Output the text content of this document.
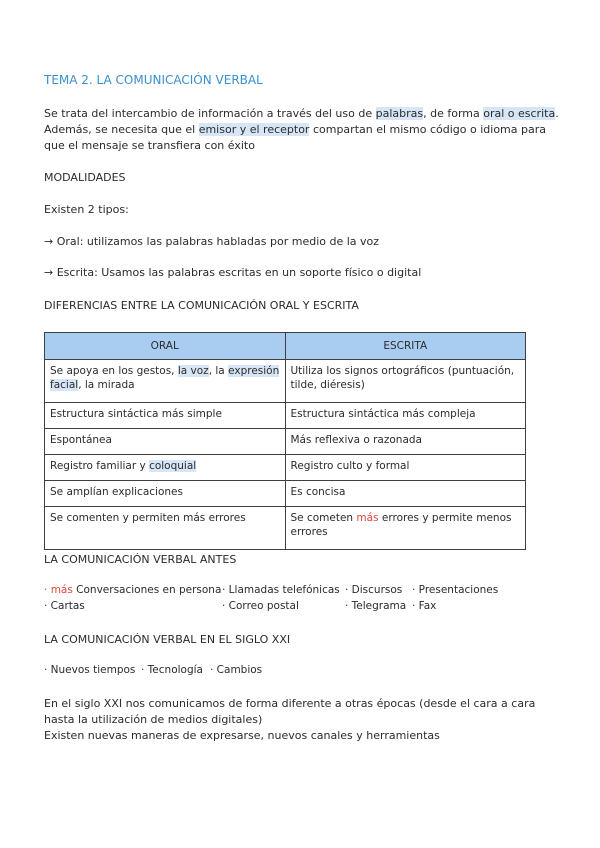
TEMA 2. LA COMUNICACIÓN VERBAL
Se trata del intercambio de información a través del uso de palabras, de forma oral o escrita. Además, se necesita que el emisor y el receptor compartan el mismo código o idioma para que el mensaje se transfiera con éxito
MODALIDADES
Existen 2 tipos:
→ Oral: utilizamos las palabras habladas por medio de la voz
→ Escrita: Usamos las palabras escritas en un soporte físico o digital
DIFERENCIAS ENTRE LA COMUNICACIÓN ORAL Y ESCRITA
ORAL	ESCRITA
Se apoya en los gestos, la voz, la expresión facial, la mirada	Utiliza los signos ortográficos (puntuación, tilde, diéresis)
Estructura sintáctica más simple	Estructura sintáctica más compleja
Espontánea	Más reflexiva o razonada
Registro familiar y coloquial	Registro culto y formal
Se amplían explicaciones	Es concisa
Se comenten y permiten más errores	Se cometen más errores y permite menos errores
LA COMUNICACIÓN VERBAL ANTES
· más Conversaciones en persona · Llamadas telefónicas · Discursos · Presentaciones
· Cartas	· Correo postal	· Telegrama · Fax
LA COMUNICACIÓN VERBAL EN EL SIGLO XXI
· Nuevos tiempos · Tecnología · Cambios
En el siglo XXI nos comunicamos de forma diferente a otras épocas (desde el cara a cara hasta la utilización de medios digitales)
Existen nuevas maneras de expresarse, nuevos canales y herramientas
